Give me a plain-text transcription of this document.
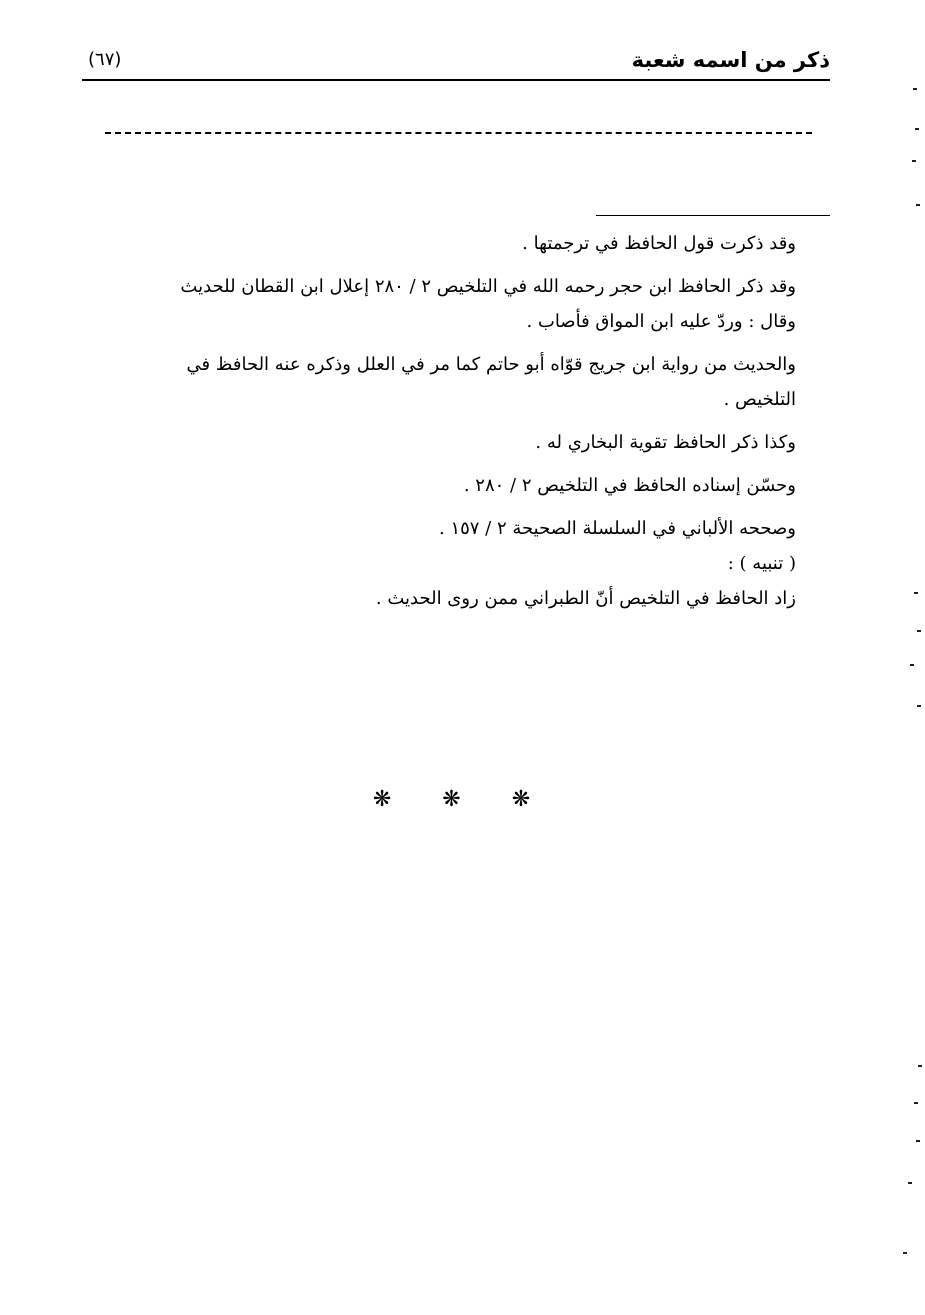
ذكر من اسمه شعبة
(٦٧)

وقد ذكرت قول الحافظ في ترجمتها .

وقد ذكر الحافظ ابن حجر رحمه الله في التلخيص ٢ / ٢٨٠ إعلال ابن القطان للحديث

وقال : وردّ عليه ابن المواق فأصاب .

والحديث من رواية ابن جريج قوّاه أبو حاتم كما مر في العلل وذكره عنه الحافظ في

التلخيص .

وكذا ذكر الحافظ تقوية البخاري له .

وحسّن إسناده الحافظ في التلخيص ٢ / ٢٨٠ .

وصححه الألباني في السلسلة الصحيحة ٢ / ١٥٧ .

( تنبيه ) :

زاد الحافظ في التلخيص أنّ الطبراني ممن روى الحديث .

❋ ❋ ❋
